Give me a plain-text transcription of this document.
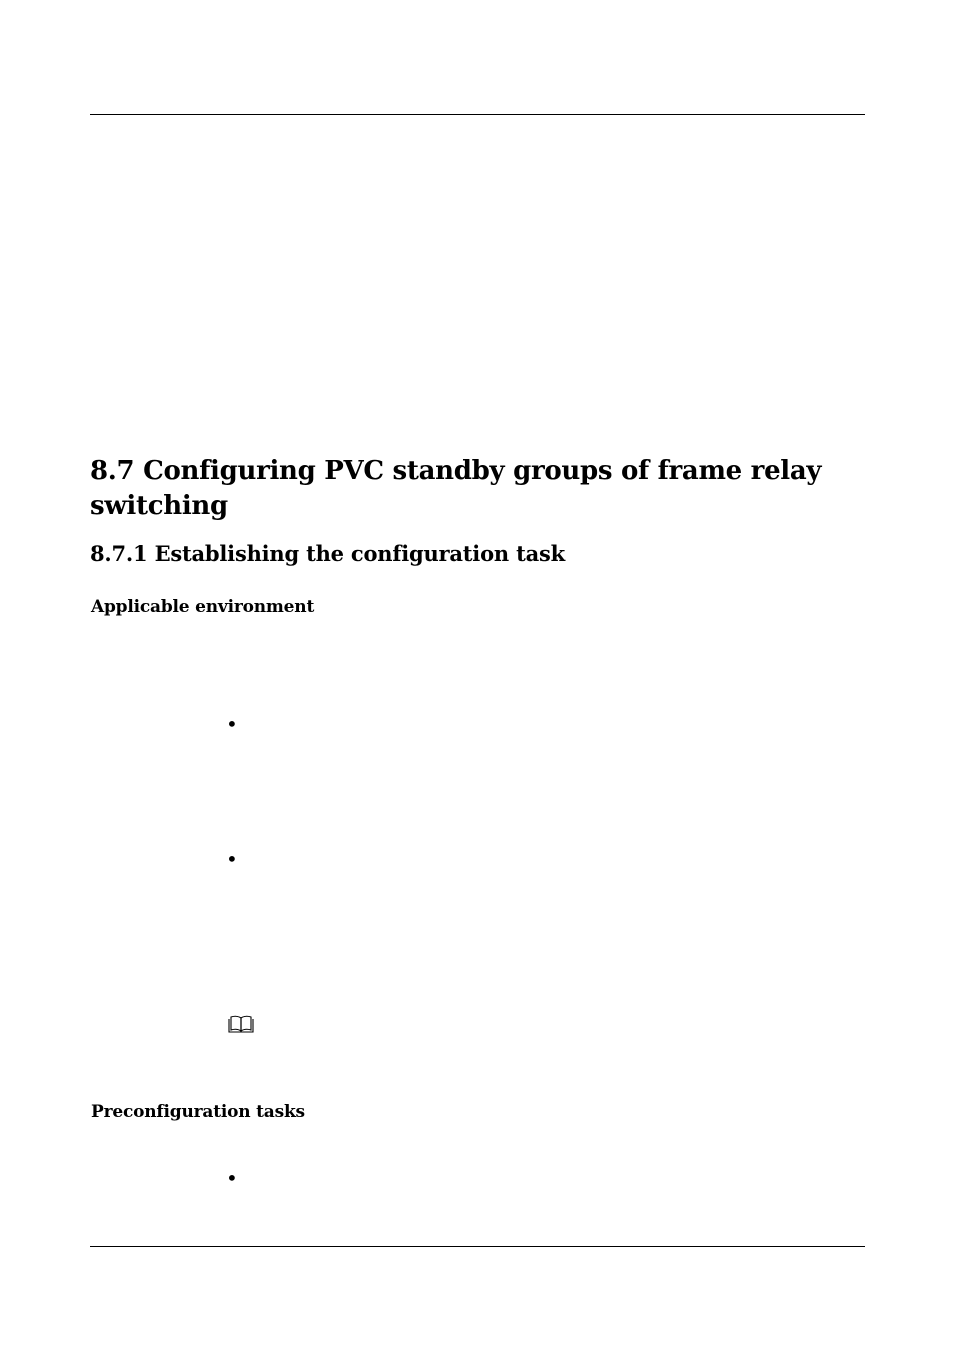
8.7 Configuring PVC standby groups of frame relay switching
8.7.1 Establishing the configuration task
Applicable environment
•
•
Preconfiguration tasks
•
